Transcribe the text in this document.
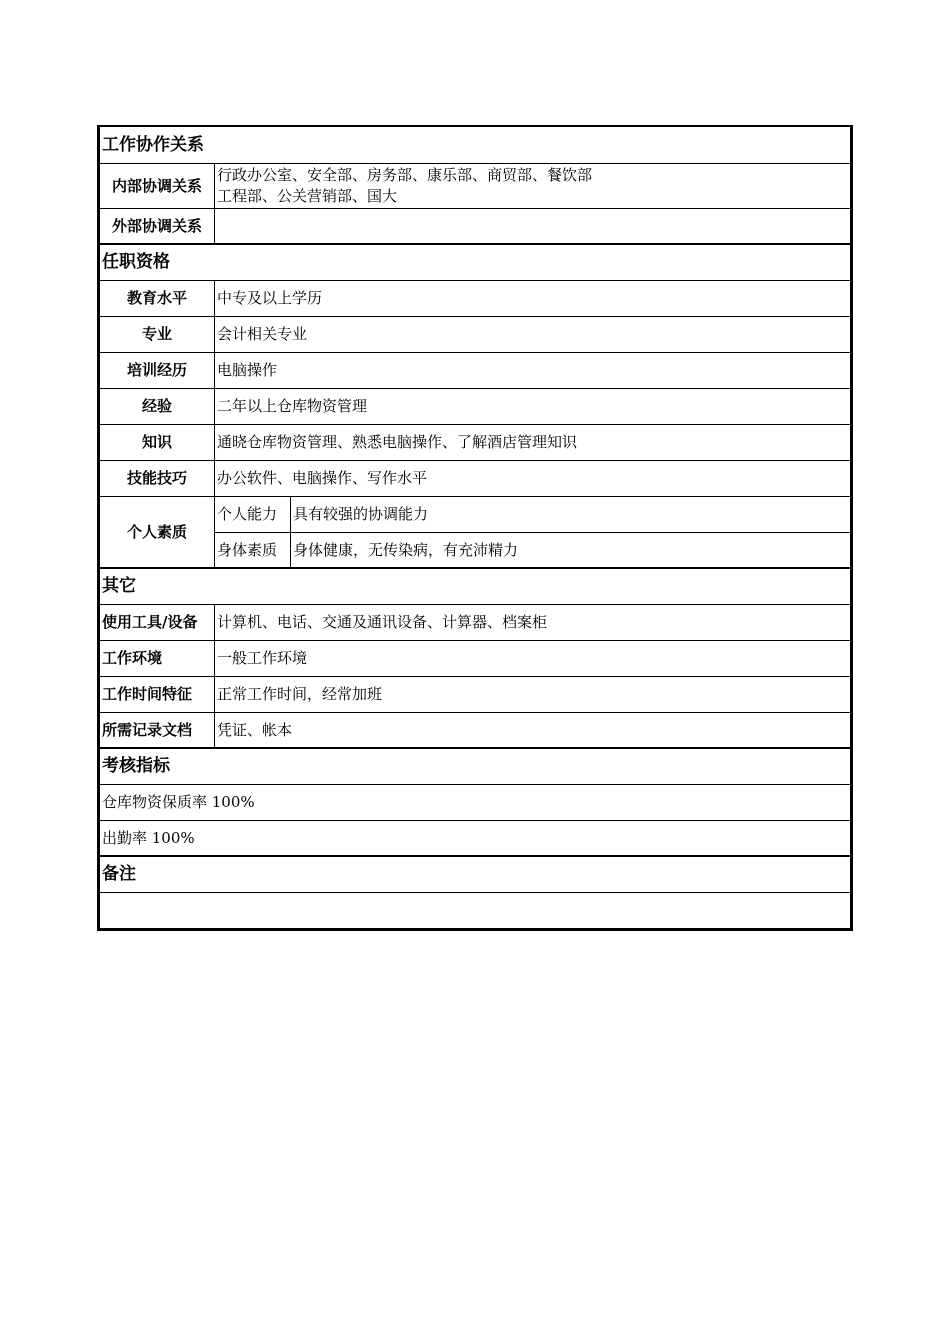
工作协作关系		
内部协调关系	行政办公室、安全部、房务部、康乐部、商贸部、餐饮部
工程部、公关营销部、国大	

外部协调关系		
任职资格		
教育水平	中专及以上学历	
专业	会计相关专业	
培训经历	电脑操作	
经验	二年以上仓库物资管理	
知识	通晓仓库物资管理、熟悉电脑操作、了解酒店管理知识	
技能技巧	办公软件、电脑操作、写作水平	
个人素质	个人能力	具有较强的协调能力
	身体素质	身体健康，无传染病，有充沛精力
其它		
使用工具/设备	计算机、电话、交通及通讯设备、计算器、档案柜	
工作环境	一般工作环境	
工作时间特征	正常工作时间，经常加班	
所需记录文档	凭证、帐本	
考核指标		
仓库物资保质率 100%		
出勤率 100%		
备注		
